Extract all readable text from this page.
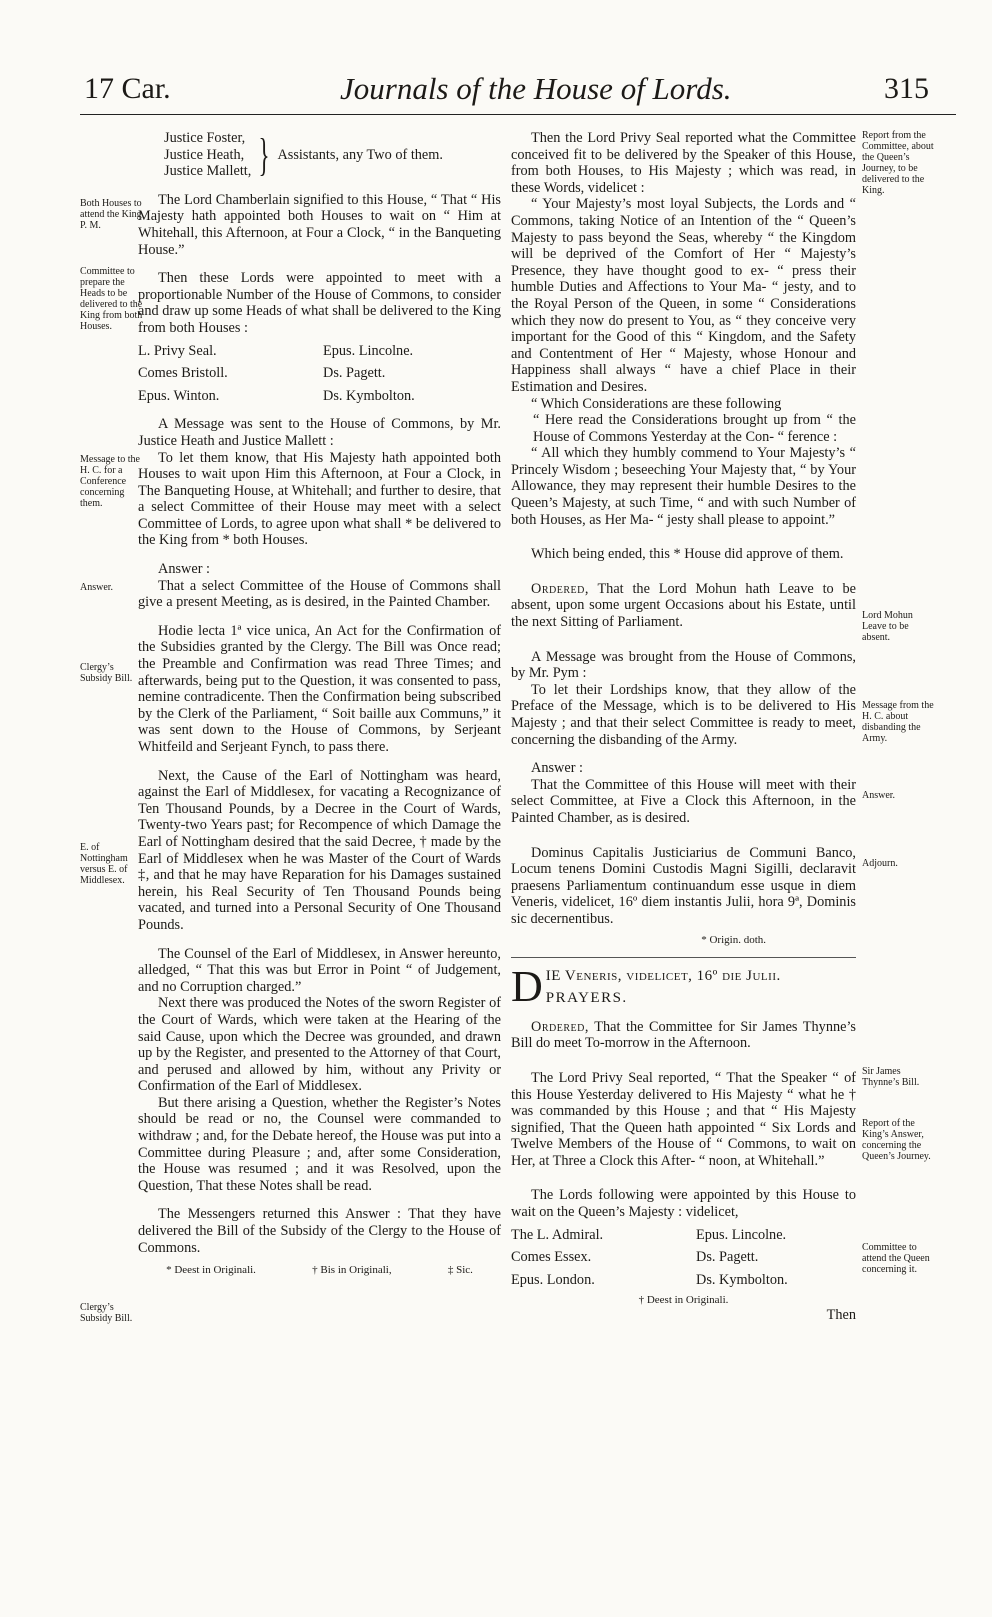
17 Car.	Journals of the House of Lords.	315
Both Houses to attend the King P. M.
Committee to prepare the Heads to be delivered to the King from both Houses.
Message to the H. C. for a Conference concerning them.
Answer.
Clergy’s Subsidy Bill.
E. of Nottingham versus E. of Middlesex.
Clergy’s Subsidy Bill.
Justice Foster,
Justice Heath,
Justice Mallett, } Assistants, any Two of them.

The Lord Chamberlain signified to this House, “ That “ His Majesty hath appointed both Houses to wait on “ Him at Whitehall, this Afternoon, at Four a Clock, “ in the Banqueting House.”

Then these Lords were appointed to meet with a proportionable Number of the House of Commons, to consider and draw up some Heads of what shall be delivered to the King from both Houses :

L. Privy Seal.	Epus. Lincolne.
Comes Bristoll.	Ds. Pagett.
Epus. Winton.	Ds. Kymbolton.

A Message was sent to the House of Commons, by Mr. Justice Heath and Justice Mallett :

To let them know, that His Majesty hath appointed both Houses to wait upon Him this Afternoon, at Four a Clock, in The Banqueting House, at Whitehall; and further to desire, that a select Committee of their House may meet with a select Committee of Lords, to agree upon what shall * be delivered to the King from * both Houses.

Answer :

That a select Committee of the House of Commons shall give a present Meeting, as is desired, in the Painted Chamber.

Hodie lecta 1ª vice unica, An Act for the Confirmation of the Subsidies granted by the Clergy. The Bill was Once read; the Preamble and Confirmation was read Three Times; and afterwards, being put to the Question, it was consented to pass, nemine contradicente. Then the Confirmation being subscribed by the Clerk of the Parliament, “ Soit baille aux Communs,” it was sent down to the House of Commons, by Serjeant Whitfeild and Serjeant Fynch, to pass there.

Next, the Cause of the Earl of Nottingham was heard, against the Earl of Middlesex, for vacating a Recognizance of Ten Thousand Pounds, by a Decree in the Court of Wards, Twenty-two Years past; for Recompence of which Damage the Earl of Nottingham desired that the said Decree, † made by the Earl of Middlesex when he was Master of the Court of Wards ‡, and that he may have Reparation for his Damages sustained herein, his Real Security of Ten Thousand Pounds being vacated, and turned into a Personal Security of One Thousand Pounds.

The Counsel of the Earl of Middlesex, in Answer hereunto, alledged, “ That this was but Error in Point “ of Judgement, and no Corruption charged.”

Next there was produced the Notes of the sworn Register of the Court of Wards, which were taken at the Hearing of the said Cause, upon which the Decree was grounded, and drawn up by the Register, and presented to the Attorney of that Court, and perused and allowed by him, without any Privity or Confirmation of the Earl of Middlesex.

But there arising a Question, whether the Register’s Notes should be read or no, the Counsel were commanded to withdraw ; and, for the Debate hereof, the House was put into a Committee during Pleasure ; and, after some Consideration, the House was resumed ; and it was Resolved, upon the Question, That these Notes shall be read.

The Messengers returned this Answer : That they have delivered the Bill of the Subsidy of the Clergy to the House of Commons.

* Deest in Originali.	† Bis in Originali,	‡ Sic.

Then the Lord Privy Seal reported what the Committee conceived fit to be delivered by the Speaker of this House, from both Houses, to His Majesty ; which was read, in these Words, videlicet :

“ Your Majesty’s most loyal Subjects, the Lords and “ Commons, taking Notice of an Intention of the “ Queen’s Majesty to pass beyond the Seas, whereby “ the Kingdom will be deprived of the Comfort of Her “ Majesty’s Presence, they have thought good to ex- “ press their humble Duties and Affections to Your Ma- “ jesty, and to the Royal Person of the Queen, in some “ Considerations which they now do present to You, as “ they conceive very important for the Good of this “ Kingdom, and the Safety and Contentment of Her “ Majesty, whose Honour and Happiness shall always “ have a chief Place in their Estimation and Desires.

“ Which Considerations are these following

“ Here read the Considerations brought up from “ the House of Commons Yesterday at the Con- “ ference :

“ All which they humbly commend to Your Majesty’s “ Princely Wisdom ; beseeching Your Majesty that, “ by Your Allowance, they may represent their humble Desires to the Queen’s Majesty, at such Time, “ and with such Number of both Houses, as Her Ma- “ jesty shall please to appoint.”

Which being ended, this * House did approve of them.

Ordered, That the Lord Mohun hath Leave to be absent, upon some urgent Occasions about his Estate, until the next Sitting of Parliament.

A Message was brought from the House of Commons, by Mr. Pym :

To let their Lordships know, that they allow of the Preface of the Message, which is to be delivered to His Majesty ; and that their select Committee is ready to meet, concerning the disbanding of the Army.

Answer :

That the Committee of this House will meet with their select Committee, at Five a Clock this Afternoon, in the Painted Chamber, as is desired.

Dominus Capitalis Justiciarius de Communi Banco, Locum tenens Domini Custodis Magni Sigilli, declaravit praesens Parliamentum continuandum esse usque in diem Veneris, videlicet, 16º diem instantis Julii, hora 9ª, Dominis sic decernentibus.

* Origin. doth.

D IE Veneris, videlicet, 16º die Julii.
PRAYERS.

Ordered, That the Committee for Sir James Thynne’s Bill do meet To-morrow in the Afternoon.

The Lord Privy Seal reported, “ That the Speaker “ of this House Yesterday delivered to His Majesty “ what he † was commanded by this House ; and that “ His Majesty signified, That the Queen hath appointed “ Six Lords and Twelve Members of the House of “ Commons, to wait on Her, at Three a Clock this After- “ noon, at Whitehall.”

The Lords following were appointed by this House to wait on the Queen’s Majesty : videlicet,

The L. Admiral.	Epus. Lincolne.
Comes Essex.	Ds. Pagett.
Epus. London.	Ds. Kymbolton.

† Deest in Originali.

Then

Report from the Committee, about the Queen’s Journey, to be delivered to the King.
Lord Mohun Leave to be absent.
Message from the H. C. about disbanding the Army.
Answer.
Adjourn.
Sir James Thynne’s Bill.
Report of the King’s Answer, concerning the Queen’s Journey.
Committee to attend the Queen concerning it.
